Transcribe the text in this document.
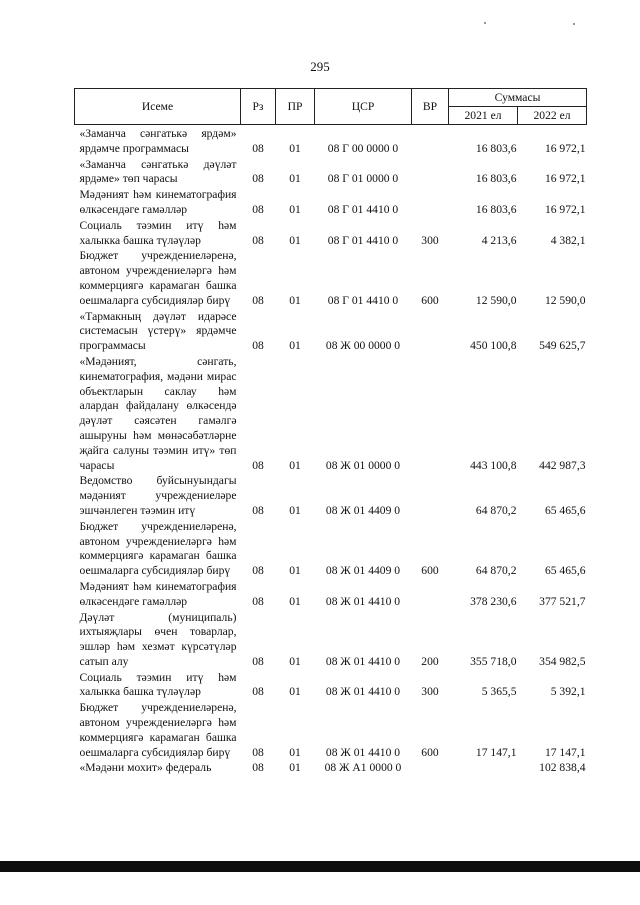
295
Исеме	Рз	ПР	ЦСР	ВР	Суммасы	
					2021 ел	2022 ел
«Заманча сәнгатькә ярдәм» ярдәмче программасы	08	01	08 Г 00 0000 0		16 803,6	16 972,1
«Заманча сәнгатькә дәүләт ярдәме» төп чарасы	08	01	08 Г 01 0000 0		16 803,6	16 972,1
Мәдәният һәм кинематография өлкәсендәге гамәлләр	08	01	08 Г 01 4410 0		16 803,6	16 972,1
Социаль тәэмин итү һәм халыкка башка түләүләр	08	01	08 Г 01 4410 0	300	4 213,6	4 382,1
Бюджет учреждениеләренә, автоном учреждениеләргә һәм коммерциягә карамаган башка оешмаларга субсидияләр бирү	08	01	08 Г 01 4410 0	600	12 590,0	12 590,0
«Тармакның дәүләт идарәсе системасын үстерү» ярдәмче программасы	08	01	08 Ж 00 0000 0		450 100,8	549 625,7
«Мәдәният, сәнгать, кинематография, мәдәни мирас объектларын саклау һәм алардан файдалану өлкәсендә дәүләт сәясәтен гамәлгә ашыруны һәм мөнәсәбәтләрне җайга салуны тәэмин итү» төп чарасы	08	01	08 Ж 01 0000 0		443 100,8	442 987,3
Ведомство буйсынуындагы мәдәният учреждениеләре эшчәнлеген тәэмин итү	08	01	08 Ж 01 4409 0		64 870,2	65 465,6
Бюджет учреждениеләренә, автоном учреждениеләргә һәм коммерциягә карамаган башка оешмаларга субсидияләр бирү	08	01	08 Ж 01 4409 0	600	64 870,2	65 465,6
Мәдәният һәм кинематография өлкәсендәге гамәлләр	08	01	08 Ж 01 4410 0		378 230,6	377 521,7
Дәүләт (муниципаль) ихтыяҗлары өчен товарлар, эшләр һәм хезмәт күрсәтүләр сатып алу	08	01	08 Ж 01 4410 0	200	355 718,0	354 982,5
Социаль тәэмин итү һәм халыкка башка түләүләр	08	01	08 Ж 01 4410 0	300	5 365,5	5 392,1
Бюджет учреждениеләренә, автоном учреждениеләргә һәм коммерциягә карамаган башка оешмаларга субсидияләр бирү	08	01	08 Ж 01 4410 0	600	17 147,1	17 147,1
«Мәдәни мохит» федераль	08	01	08 Ж А1 0000 0			102 838,4
